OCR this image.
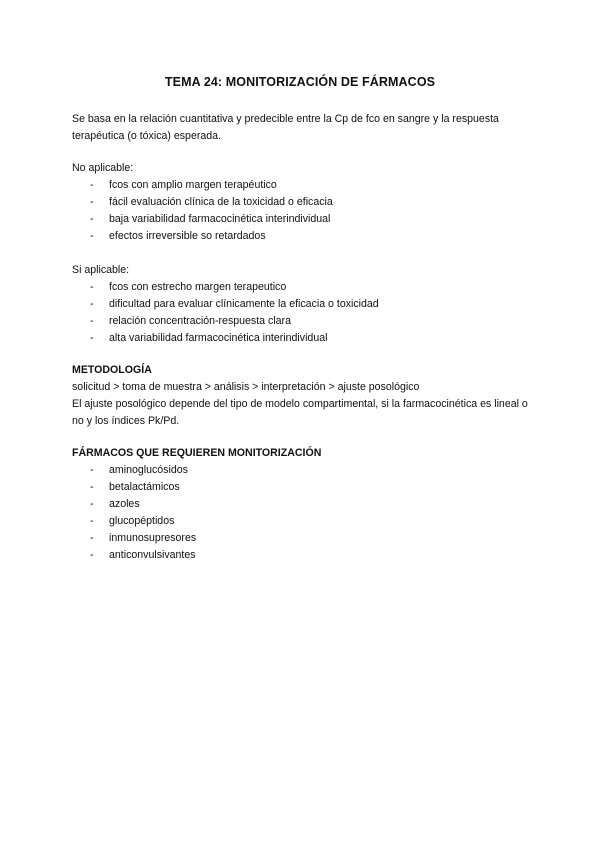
TEMA 24: MONITORIZACIÓN DE FÁRMACOS

Se basa en la relación cuantitativa y predecible entre la Cp de fco en sangre y la respuesta terapéutica (o tóxica) esperada.

No aplicable:

- fcos con amplio margen terapéutico
- fácil evaluación clínica de la toxicidad o eficacia
- baja variabilidad farmacocinética interindividual
- efectos irreversible so retardados

Si aplicable:

- fcos con estrecho margen terapeutico
- dificultad para evaluar clínicamente la eficacia o toxicidad
- relación concentración-respuesta clara
- alta variabilidad farmacocinética interindividual

METODOLOGÍA

solicitud > toma de muestra > análisis > interpretación > ajuste posológico

El ajuste posológico depende del tipo de modelo compartimental, si la farmacocinética es lineal o no y los índices Pk/Pd.

FÁRMACOS QUE REQUIEREN MONITORIZACIÓN

- aminoglucósidos
- betalactámicos
- azoles
- glucopéptidos
- inmunosupresores
- anticonvulsivantes
